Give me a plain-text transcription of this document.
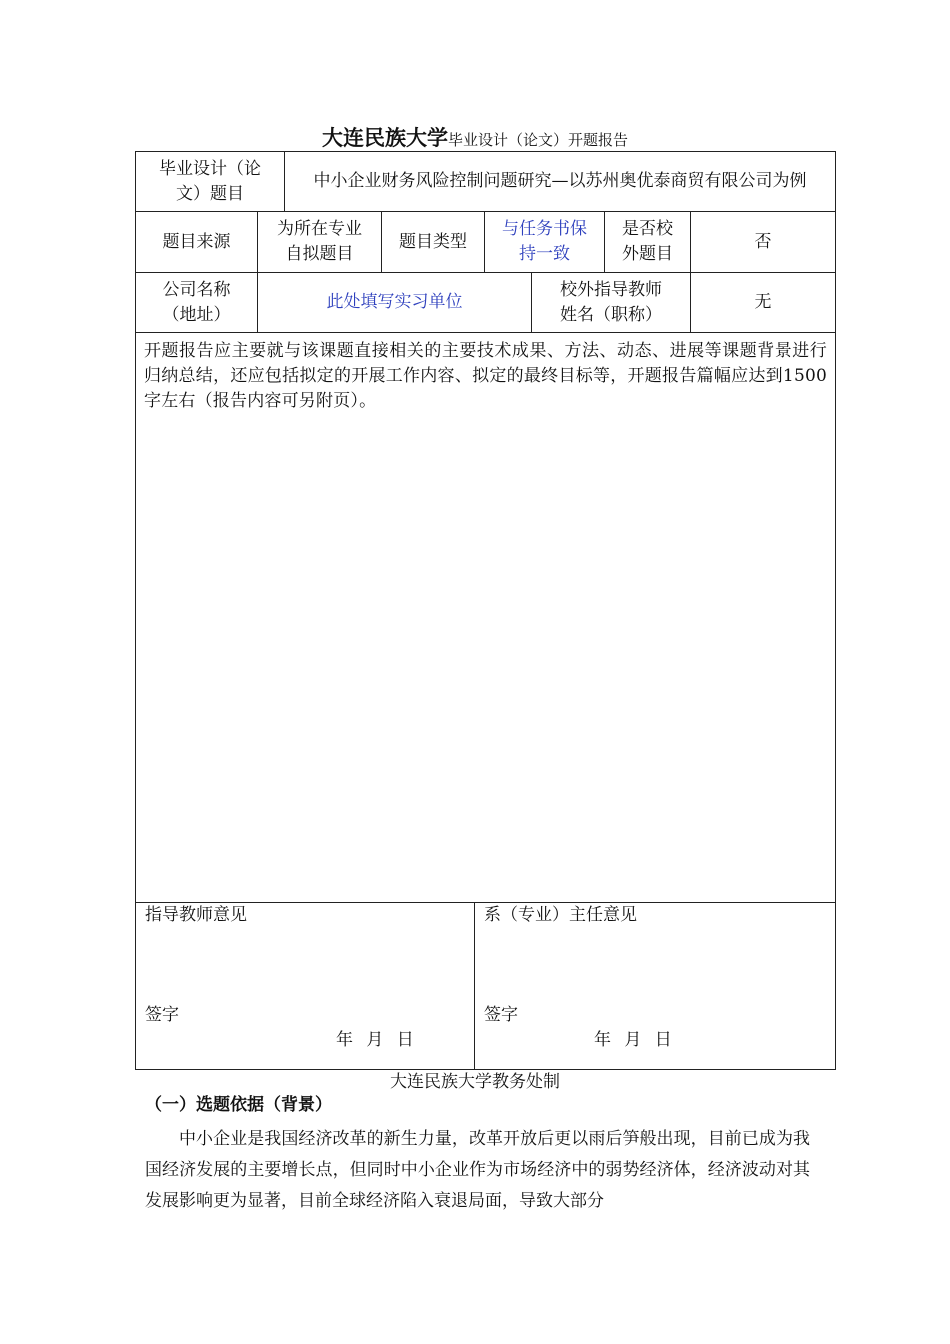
大连民族大学毕业设计（论文）开题报告
毕业设计（论文）题目
中小企业财务风险控制问题研究—以苏州奥优泰商贸有限公司为例
题目来源
为所在专业自拟题目
题目类型
与任务书保持一致
是否校外题目
否
公司名称（地址）
此处填写实习单位
校外指导教师姓名（职称）
无
开题报告应主要就与该课题直接相关的主要技术成果、方法、动态、进展等课题背景进行归纳总结，还应包括拟定的开展工作内容、拟定的最终目标等，开题报告篇幅应达到1500字左右（报告内容可另附页）。
指导教师意见
签字
年 月 日
系（专业）主任意见
签字
年 月 日
大连民族大学教务处制
（一）选题依据（背景）
中小企业是我国经济改革的新生力量，改革开放后更以雨后笋般出现，目前已成为我国经济发展的主要增长点，但同时中小企业作为市场经济中的弱势经济体，经济波动对其发展影响更为显著，目前全球经济陷入衰退局面，导致大部分
